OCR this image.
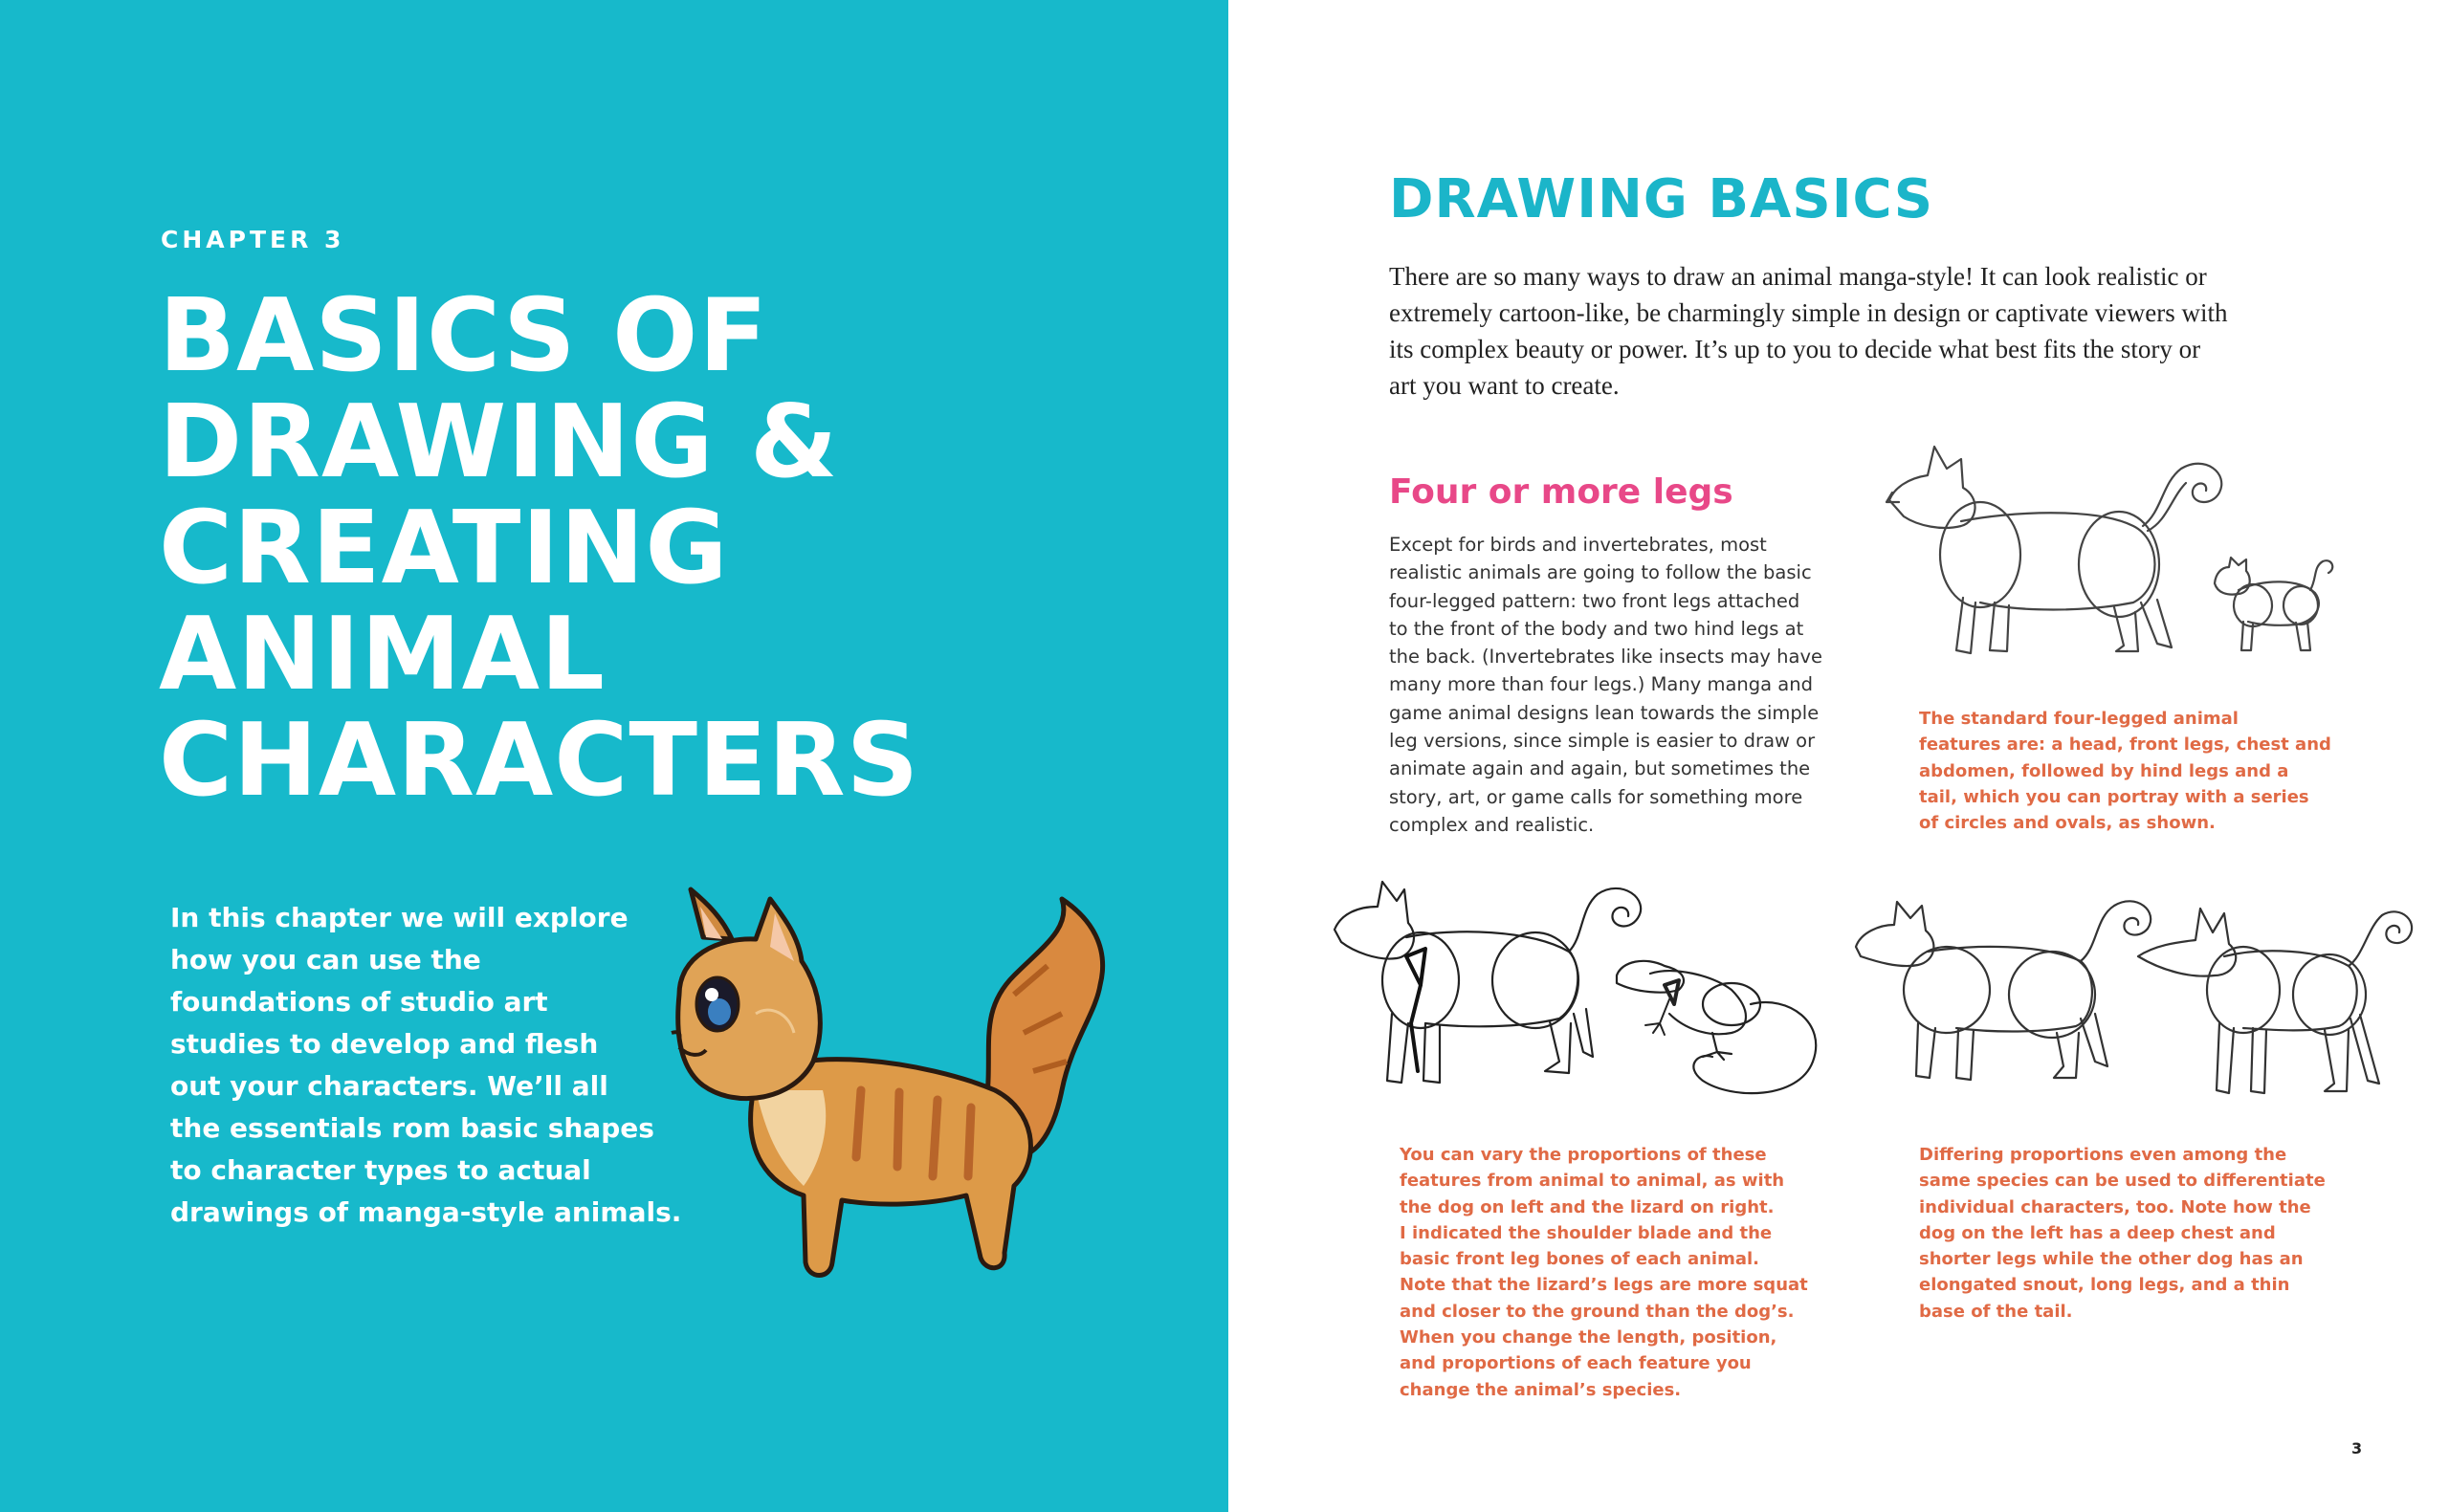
CHAPTER 3
BASICS OF
DRAWING &
CREATING
ANIMAL
CHARACTERS
In this chapter we will explore
how you can use the
foundations of studio art
studies to develop and flesh
out your characters. We’ll all
the essentials rom basic shapes
to character types to actual
drawings of manga-style animals.
DRAWING BASICS
There are so many ways to draw an animal manga-style! It can look realistic or
extremely cartoon-like, be charmingly simple in design or captivate viewers with
its complex beauty or power. It’s up to you to decide what best fits the story or
art you want to create.
Four or more legs
Except for birds and invertebrates, most
realistic animals are going to follow the basic
four-legged pattern: two front legs attached
to the front of the body and two hind legs at
the back. (Invertebrates like insects may have
many more than four legs.) Many manga and
game animal designs lean towards the simple
leg versions, since simple is easier to draw or
animate again and again, but sometimes the
story, art, or game calls for something more
complex and realistic.
The standard four-legged animal
features are: a head, front legs, chest and
abdomen, followed by hind legs and a
tail, which you can portray with a series
of circles and ovals, as shown.
You can vary the proportions of these
features from animal to animal, as with
the dog on left and the lizard on right.
I indicated the shoulder blade and the
basic front leg bones of each animal.
Note that the lizard’s legs are more squat
and closer to the ground than the dog’s.
When you change the length, position,
and proportions of each feature you
change the animal’s species.
Differing proportions even among the
same species can be used to differentiate
individual characters, too. Note how the
dog on the left has a deep chest and
shorter legs while the other dog has an
elongated snout, long legs, and a thin
base of the tail.
3
